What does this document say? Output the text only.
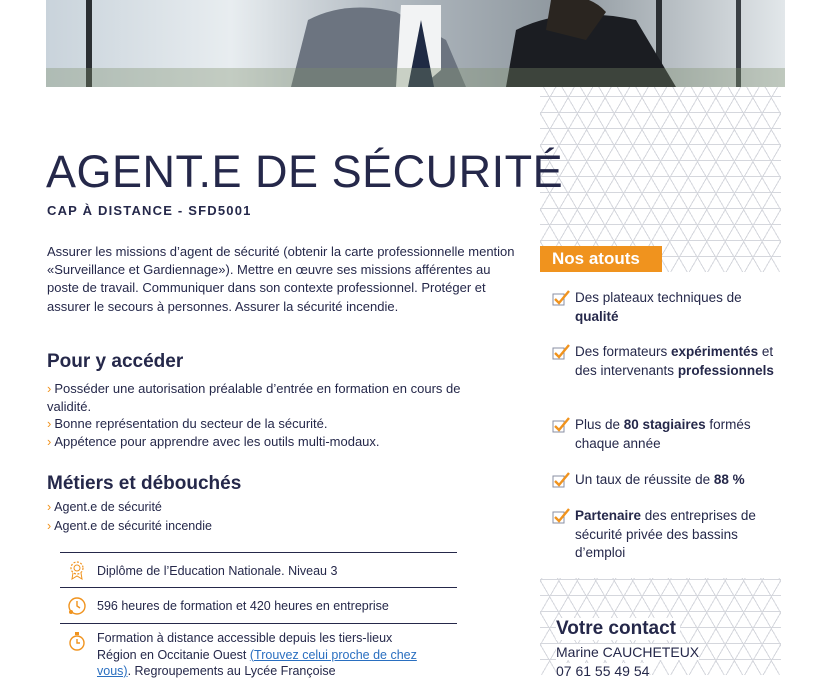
AGENT.E DE SÉCURITÉ

CAP À DISTANCE - SFD5001

Assurer les missions d’agent de sécurité (obtenir la carte professionnelle mention «Surveillance et Gardiennage»). Mettre en œuvre ses missions afférentes au poste de travail. Communiquer dans son contexte professionnel. Protéger et assurer le secours à personnes. Assurer la sécurité incendie.

Pour y accéder
› Posséder une autorisation préalable d’entrée en formation en cours de validité.
› Bonne représentation du secteur de la sécurité.
› Appétence pour apprendre avec les outils multi-modaux.
Métiers et débouchés
› Agent.e de sécurité
› Agent.e de sécurité incendie
Diplôme de l’Education Nationale. Niveau 3
596 heures de formation et 420 heures en entreprise
Formation à distance accessible depuis les tiers-lieux Région en Occitanie Ouest (Trouvez celui proche de chez vous). Regroupements au Lycée Françoise
Nos atouts
Des plateaux techniques de qualité
Des formateurs expérimentés et des intervenants professionnels
Plus de 80 stagiaires formés chaque année
Un taux de réussite de 88 %
Partenaire des entreprises de sécurité privée des bassins d’emploi
Votre contact
Marine CAUCHETEUX
07 61 55 49 54
